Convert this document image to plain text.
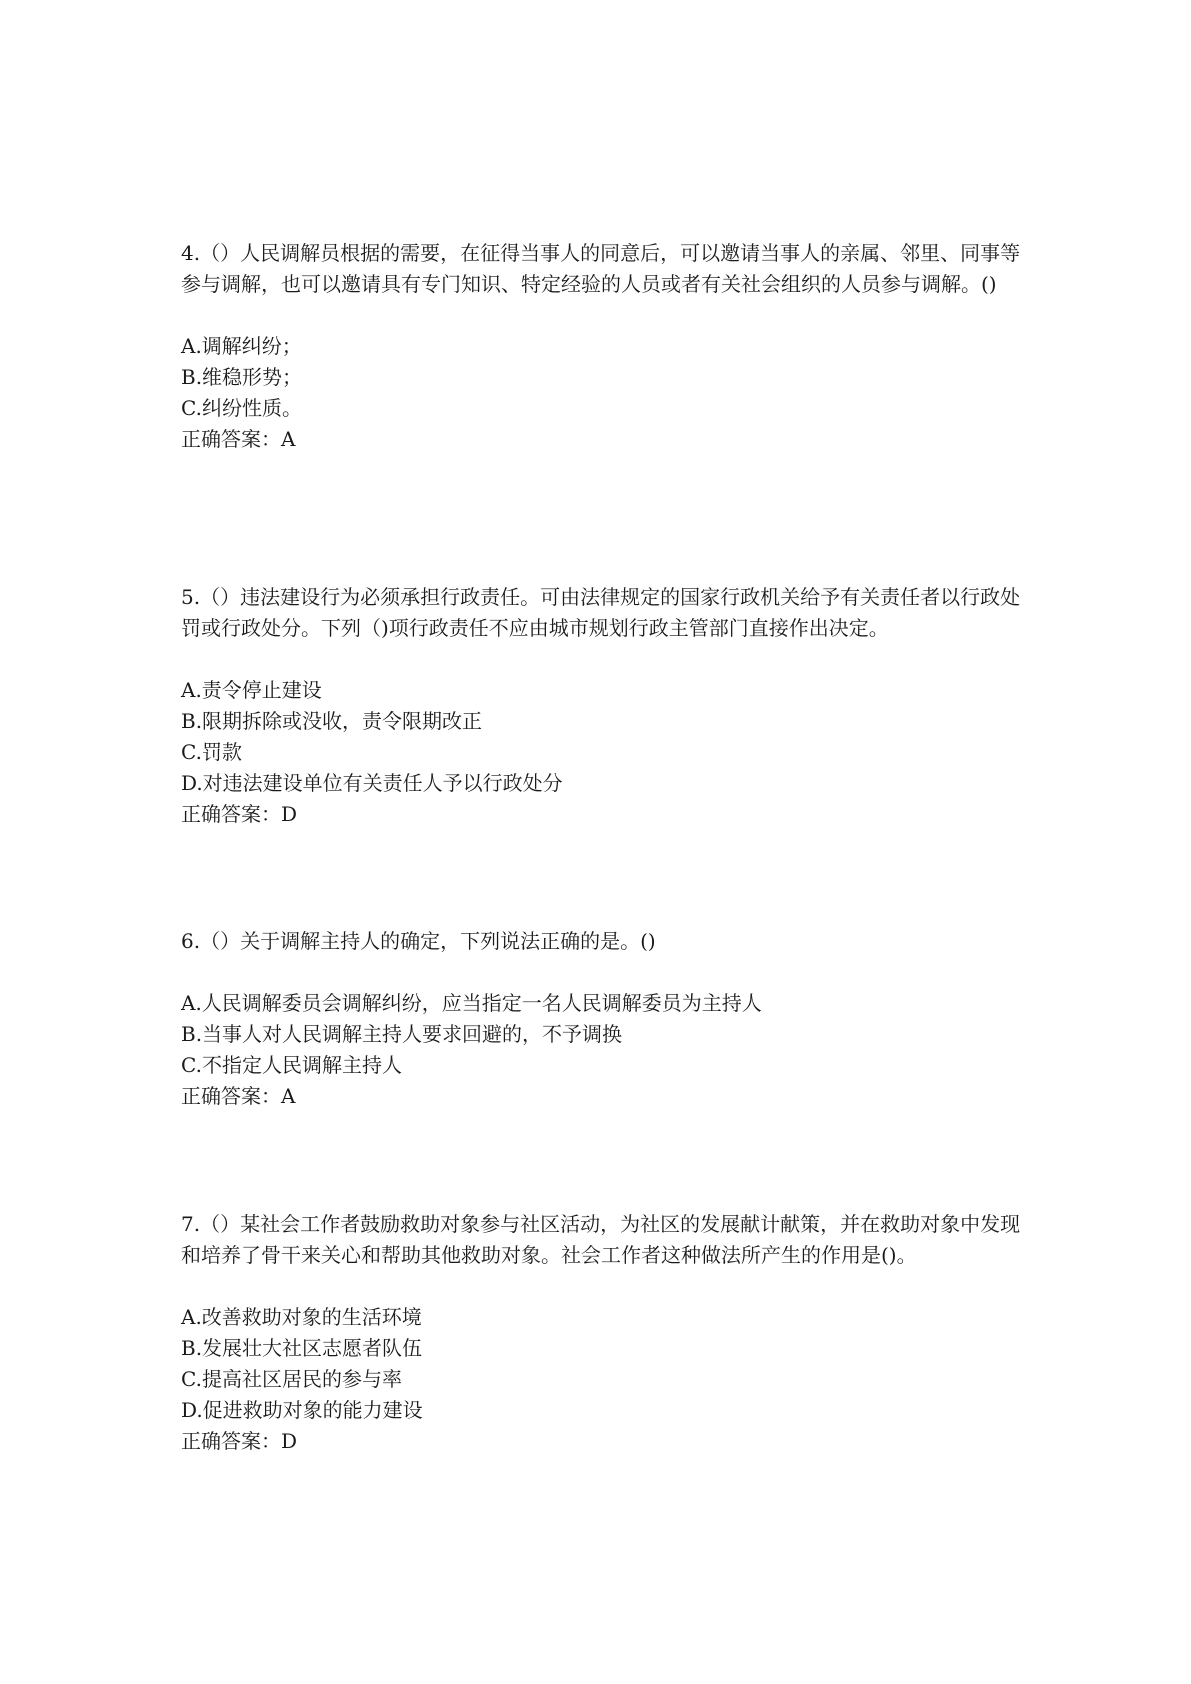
4.（）人民调解员根据的需要，在征得当事人的同意后，可以邀请当事人的亲属、邻里、同事等参与调解，也可以邀请具有专门知识、特定经验的人员或者有关社会组织的人员参与调解。()

A.调解纠纷；
B.维稳形势；
C.纠纷性质。
正确答案：A

5.（）违法建设行为必须承担行政责任。可由法律规定的国家行政机关给予有关责任者以行政处罚或行政处分。下列（)项行政责任不应由城市规划行政主管部门直接作出决定。

A.责令停止建设
B.限期拆除或没收，责令限期改正
C.罚款
D.对违法建设单位有关责任人予以行政处分
正确答案：D

6.（）关于调解主持人的确定，下列说法正确的是。()

A.人民调解委员会调解纠纷，应当指定一名人民调解委员为主持人
B.当事人对人民调解主持人要求回避的，不予调换
C.不指定人民调解主持人
正确答案：A

7.（）某社会工作者鼓励救助对象参与社区活动，为社区的发展献计献策，并在救助对象中发现和培养了骨干来关心和帮助其他救助对象。社会工作者这种做法所产生的作用是()。

A.改善救助对象的生活环境
B.发展壮大社区志愿者队伍
C.提高社区居民的参与率
D.促进救助对象的能力建设
正确答案：D
